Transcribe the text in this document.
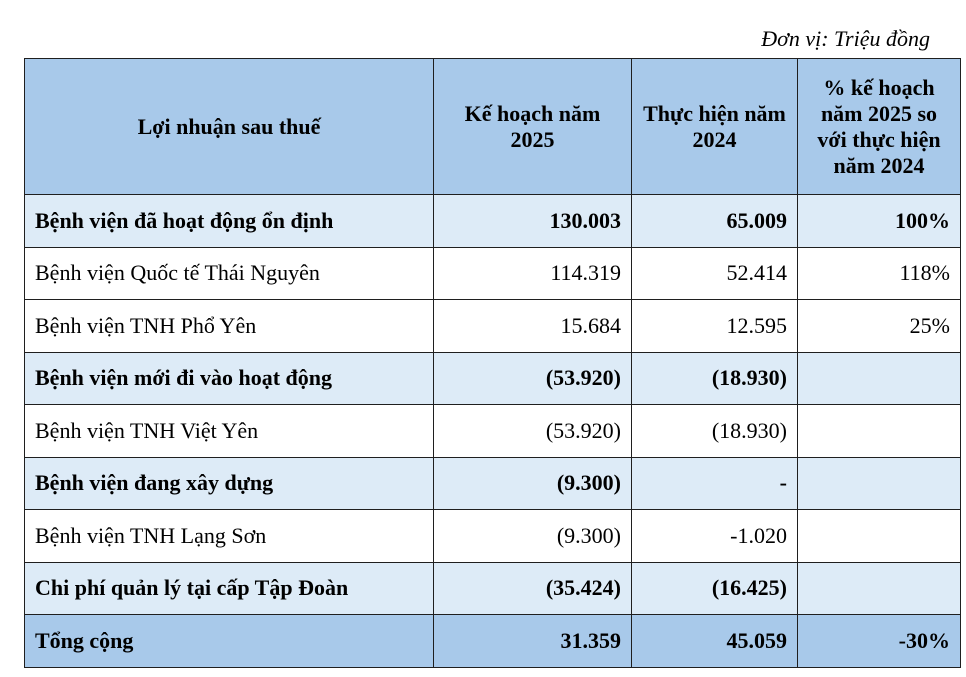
Đơn vị: Triệu đồng
Lợi nhuận sau thuế	Kế hoạch năm 2025	Thực hiện năm 2024	% kế hoạch năm 2025 so với thực hiện năm 2024
Bệnh viện đã hoạt động ổn định	130.003	65.009	100%
Bệnh viện Quốc tế Thái Nguyên	114.319	52.414	118%
Bệnh viện TNH Phổ Yên	15.684	12.595	25%
Bệnh viện mới đi vào hoạt động	(53.920)	(18.930)	
Bệnh viện TNH Việt Yên	(53.920)	(18.930)	
Bệnh viện đang xây dựng	(9.300)	-	
Bệnh viện TNH Lạng Sơn	(9.300)	-1.020	
Chi phí quản lý tại cấp Tập Đoàn	(35.424)	(16.425)	
Tổng cộng	31.359	45.059	-30%
